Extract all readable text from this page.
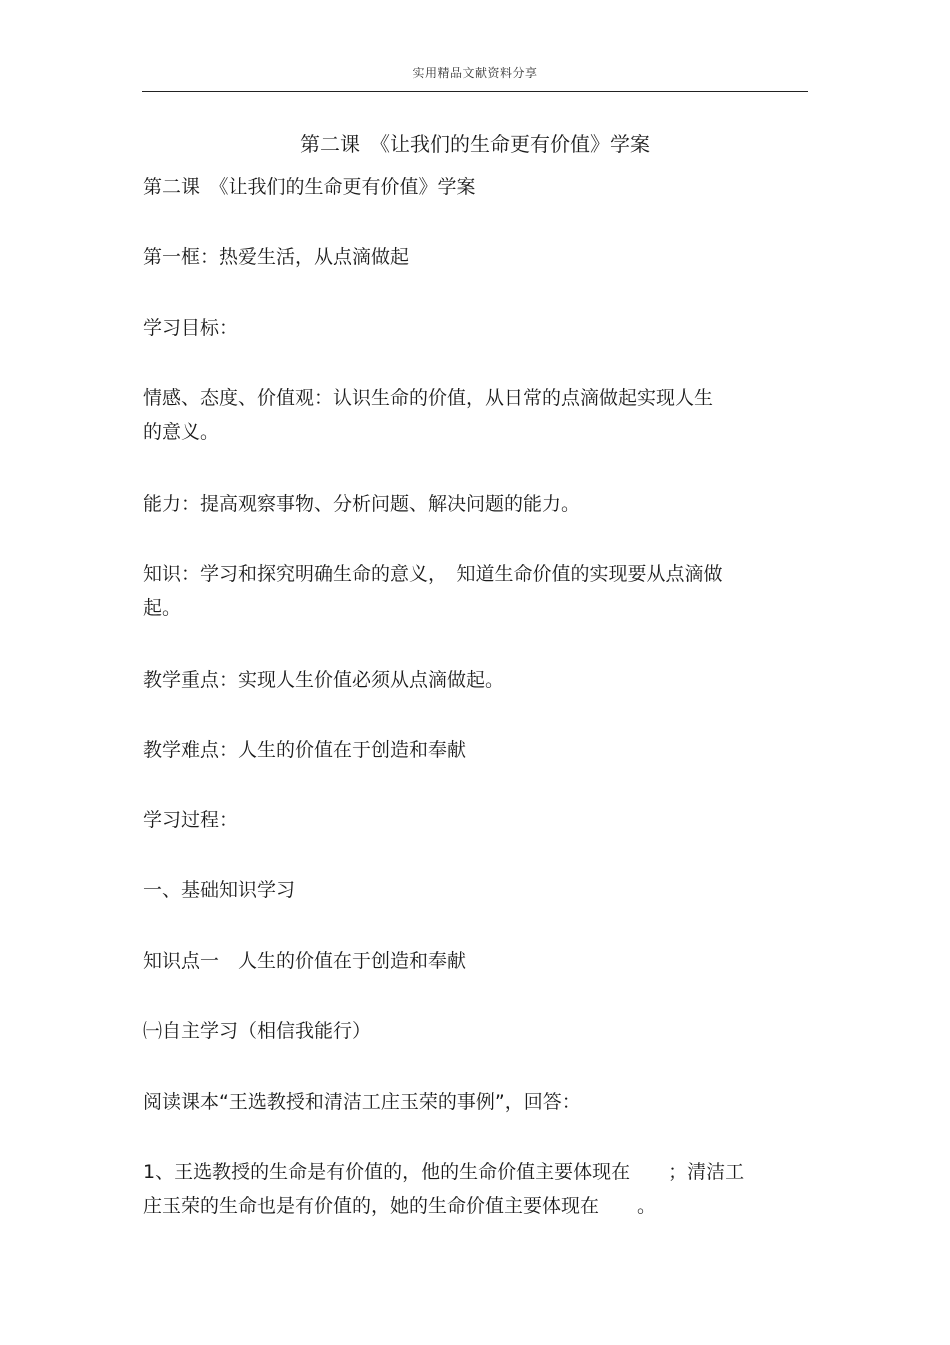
实用精品文献资料分享
第二课　《让我们的生命更有价值》学案
第二课　《让我们的生命更有价值》学案
第一框：热爱生活，从点滴做起
学习目标：
情感、态度、价值观：认识生命的价值，从日常的点滴做起实现人生
的意义。
能力：提高观察事物、分析问题、解决问题的能力。
知识：学习和探究明确生命的意义，　知道生命价值的实现要从点滴做
起。
教学重点：实现人生价值必须从点滴做起。
教学难点：人生的价值在于创造和奉献
学习过程：
一、基础知识学习
知识点一　人生的价值在于创造和奉献
㈠自主学习（相信我能行）
阅读课本“王选教授和清洁工庄玉荣的事例”，回答：
1、王选教授的生命是有价值的，他的生命价值主要体现在　　；清洁工
庄玉荣的生命也是有价值的，她的生命价值主要体现在　　。
